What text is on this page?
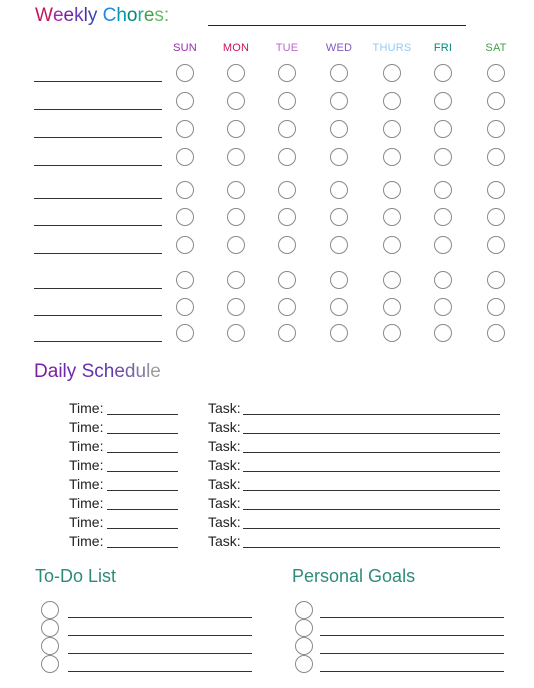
Weekly Chores:
SUN	MON	TUE	WED	THURS	FRI	SAT
Daily Schedule
Time:	Task:
Time:	Task:
Time:	Task:
Time:	Task:
Time:	Task:
Time:	Task:
Time:	Task:
Time:	Task:
To-Do List	Personal Goals
